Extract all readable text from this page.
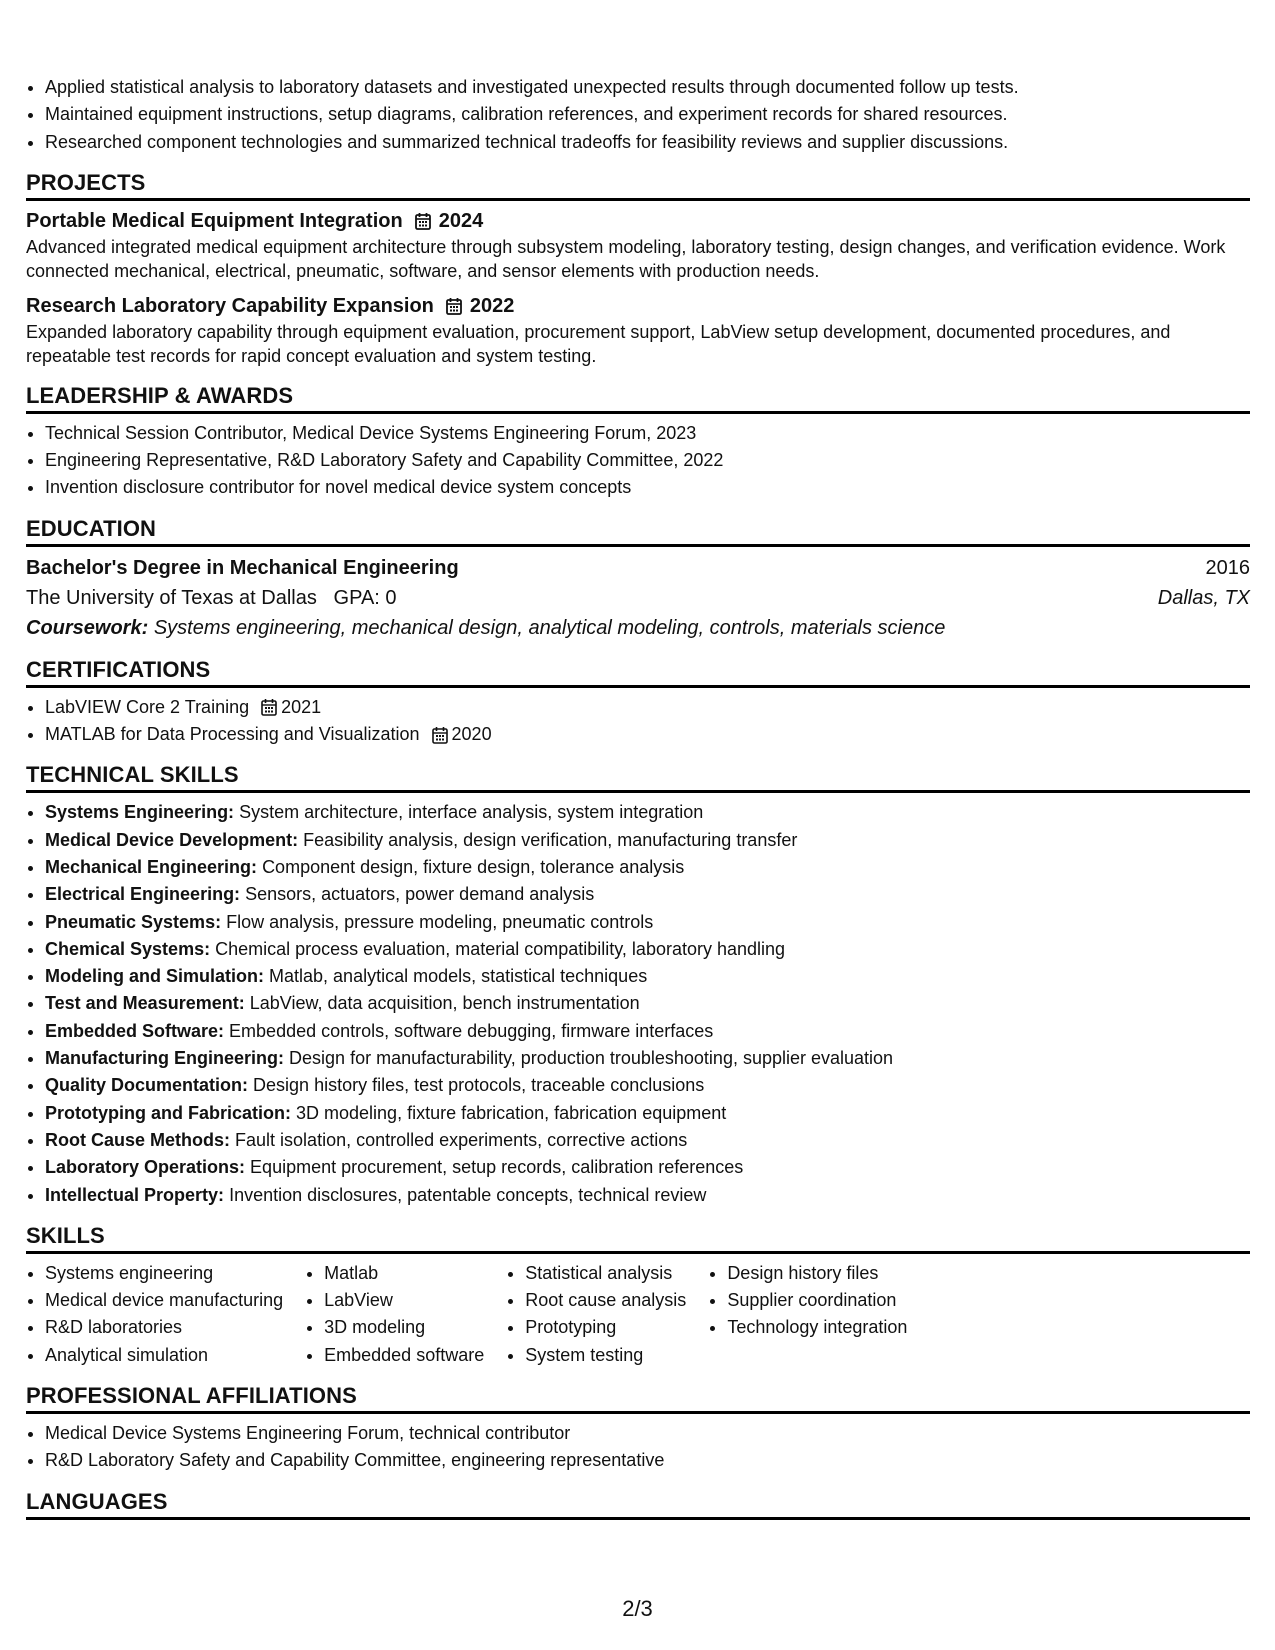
• Applied statistical analysis to laboratory datasets and investigated unexpected results through documented follow up tests.
• Maintained equipment instructions, setup diagrams, calibration references, and experiment records for shared resources.
• Researched component technologies and summarized technical tradeoffs for feasibility reviews and supplier discussions.
PROJECTS
Portable Medical Equipment Integration 2024
Advanced integrated medical equipment architecture through subsystem modeling, laboratory testing, design changes, and verification evidence. Work connected mechanical, electrical, pneumatic, software, and sensor elements with production needs.
Research Laboratory Capability Expansion 2022
Expanded laboratory capability through equipment evaluation, procurement support, LabView setup development, documented procedures, and repeatable test records for rapid concept evaluation and system testing.
LEADERSHIP & AWARDS
• Technical Session Contributor, Medical Device Systems Engineering Forum, 2023
• Engineering Representative, R&D Laboratory Safety and Capability Committee, 2022
• Invention disclosure contributor for novel medical device system concepts
EDUCATION
Bachelor's Degree in Mechanical Engineering	2016
The University of Texas at Dallas GPA: 0	Dallas, TX
Coursework: Systems engineering, mechanical design, analytical modeling, controls, materials science
CERTIFICATIONS
• LabVIEW Core 2 Training 2021
• MATLAB for Data Processing and Visualization 2020
TECHNICAL SKILLS
• Systems Engineering: System architecture, interface analysis, system integration
• Medical Device Development: Feasibility analysis, design verification, manufacturing transfer
• Mechanical Engineering: Component design, fixture design, tolerance analysis
• Electrical Engineering: Sensors, actuators, power demand analysis
• Pneumatic Systems: Flow analysis, pressure modeling, pneumatic controls
• Chemical Systems: Chemical process evaluation, material compatibility, laboratory handling
• Modeling and Simulation: Matlab, analytical models, statistical techniques
• Test and Measurement: LabView, data acquisition, bench instrumentation
• Embedded Software: Embedded controls, software debugging, firmware interfaces
• Manufacturing Engineering: Design for manufacturability, production troubleshooting, supplier evaluation
• Quality Documentation: Design history files, test protocols, traceable conclusions
• Prototyping and Fabrication: 3D modeling, fixture fabrication, fabrication equipment
• Root Cause Methods: Fault isolation, controlled experiments, corrective actions
• Laboratory Operations: Equipment procurement, setup records, calibration references
• Intellectual Property: Invention disclosures, patentable concepts, technical review
SKILLS
• Systems engineering
• Medical device manufacturing
• R&D laboratories
• Analytical simulation
• Matlab
• LabView
• 3D modeling
• Embedded software
• Statistical analysis
• Root cause analysis
• Prototyping
• System testing
• Design history files
• Supplier coordination
• Technology integration
PROFESSIONAL AFFILIATIONS
• Medical Device Systems Engineering Forum, technical contributor
• R&D Laboratory Safety and Capability Committee, engineering representative
LANGUAGES
2/3
